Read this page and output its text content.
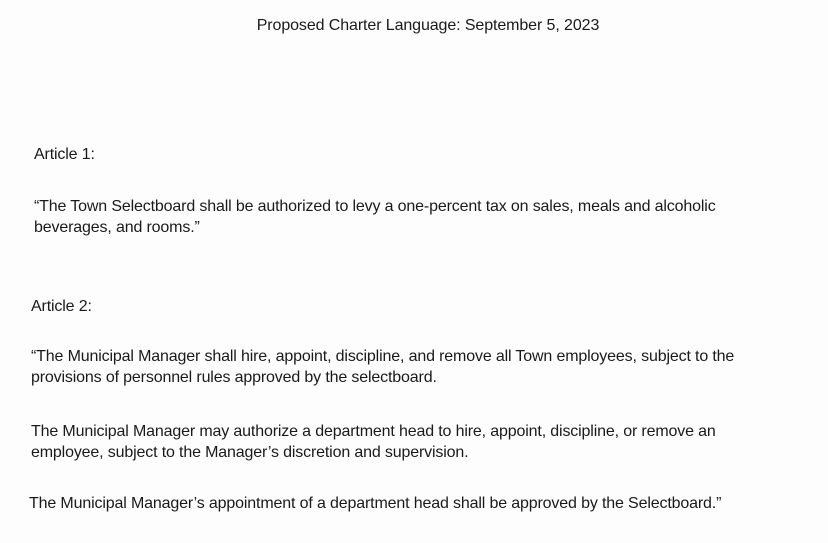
Proposed Charter Language: September 5, 2023
Article 1:
“The Town Selectboard shall be authorized to levy a one-percent tax on sales, meals and alcoholic
beverages, and rooms.”
Article 2:
“The Municipal Manager shall hire, appoint, discipline, and remove all Town employees, subject to the
provisions of personnel rules approved by the selectboard.
The Municipal Manager may authorize a department head to hire, appoint, discipline, or remove an
employee, subject to the Manager’s discretion and supervision.
The Municipal Manager’s appointment of a department head shall be approved by the Selectboard.”
